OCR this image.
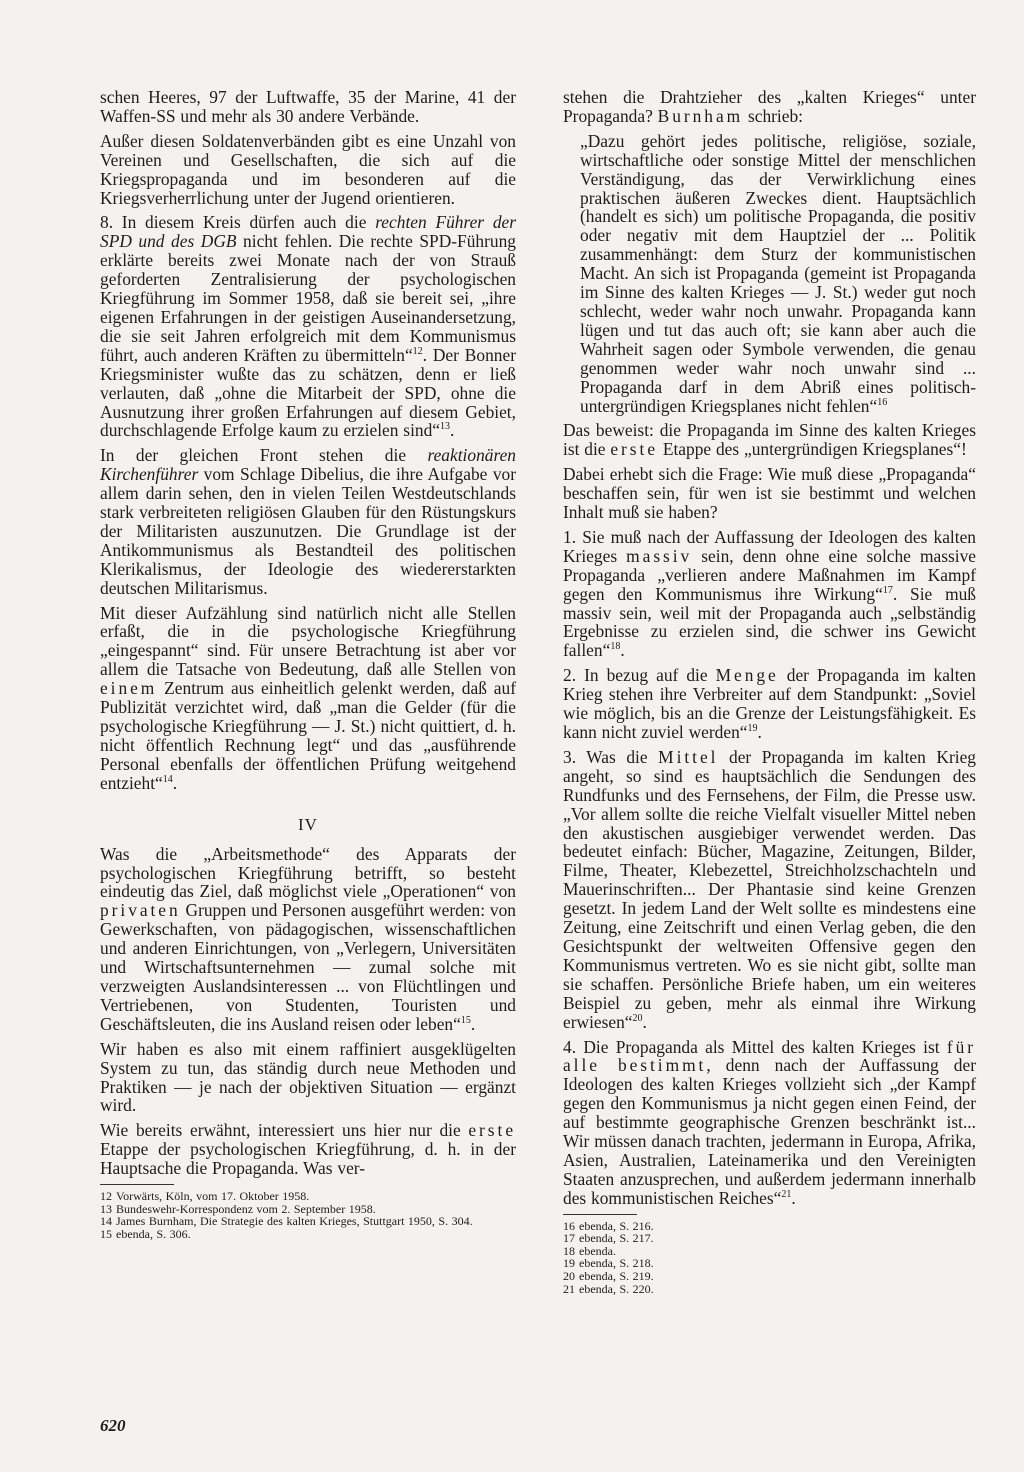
schen Heeres, 97 der Luftwaffe, 35 der Marine, 41 der Waffen-SS und mehr als 30 andere Verbände.

Außer diesen Soldatenverbänden gibt es eine Unzahl von Vereinen und Gesellschaften, die sich auf die Kriegspropaganda und im besonderen auf die Kriegsverherrlichung unter der Jugend orientieren.

8. In diesem Kreis dürfen auch die rechten Führer der SPD und des DGB nicht fehlen. Die rechte SPD-Führung erklärte bereits zwei Monate nach der von Strauß geforderten Zentralisierung der psychologischen Kriegführung im Sommer 1958, daß sie bereit sei, „ihre eigenen Erfahrungen in der geistigen Auseinandersetzung, die sie seit Jahren erfolgreich mit dem Kommunismus führt, auch anderen Kräften zu übermitteln“$^{12}$. Der Bonner Kriegsminister wußte das zu schätzen, denn er ließ verlauten, daß „ohne die Mitarbeit der SPD, ohne die Ausnutzung ihrer großen Erfahrungen auf diesem Gebiet, durchschlagende Erfolge kaum zu erzielen sind“$^{13}$.

In der gleichen Front stehen die reaktionären Kirchenführer vom Schlage Dibelius, die ihre Aufgabe vor allem darin sehen, den in vielen Teilen Westdeutschlands stark verbreiteten religiösen Glauben für den Rüstungskurs der Militaristen auszunutzen. Die Grundlage ist der Antikommunismus als Bestandteil des politischen Klerikalismus, der Ideologie des wiedererstarkten deutschen Militarismus.

Mit dieser Aufzählung sind natürlich nicht alle Stellen erfaßt, die in die psychologische Kriegführung „eingespannt“ sind. Für unsere Betrachtung ist aber vor allem die Tatsache von Bedeutung, daß alle Stellen von einem Zentrum aus einheitlich gelenkt werden, daß auf Publizität verzichtet wird, daß „man die Gelder (für die psychologische Kriegführung — J. St.) nicht quittiert, d. h. nicht öffentlich Rechnung legt“ und das „ausführende Personal ebenfalls der öffentlichen Prüfung weitgehend entzieht“$^{14}$.

IV

Was die „Arbeitsmethode“ des Apparats der psychologischen Kriegführung betrifft, so besteht eindeutig das Ziel, daß möglichst viele „Operationen“ von privaten Gruppen und Personen ausgeführt werden: von Gewerkschaften, von pädagogischen, wissenschaftlichen und anderen Einrichtungen, von „Verlegern, Universitäten und Wirtschaftsunternehmen — zumal solche mit verzweigten Auslandsinteressen ... von Flüchtlingen und Vertriebenen, von Studenten, Touristen und Geschäftsleuten, die ins Ausland reisen oder leben“$^{15}$.

Wir haben es also mit einem raffiniert ausgeklügelten System zu tun, das ständig durch neue Methoden und Praktiken — je nach der objektiven Situation — ergänzt wird.

Wie bereits erwähnt, interessiert uns hier nur die erste Etappe der psychologischen Kriegführung, d. h. in der Hauptsache die Propaganda. Was ver-

12 Vorwärts, Köln, vom 17. Oktober 1958.

13 Bundeswehr-Korrespondenz vom 2. September 1958.

14 James Burnham, Die Strategie des kalten Krieges, Stuttgart 1950, S. 304.

15 ebenda, S. 306.

stehen die Drahtzieher des „kalten Krieges“ unter Propaganda? Burnham schrieb:

„Dazu gehört jedes politische, religiöse, soziale, wirtschaftliche oder sonstige Mittel der menschlichen Verständigung, das der Verwirklichung eines praktischen äußeren Zweckes dient. Hauptsächlich (handelt es sich) um politische Propaganda, die positiv oder negativ mit dem Hauptziel der ... Politik zusammenhängt: dem Sturz der kommunistischen Macht. An sich ist Propaganda (gemeint ist Propaganda im Sinne des kalten Krieges — J. St.) weder gut noch schlecht, weder wahr noch unwahr. Propaganda kann lügen und tut das auch oft; sie kann aber auch die Wahrheit sagen oder Symbole verwenden, die genau genommen weder wahr noch unwahr sind ... Propaganda darf in dem Abriß eines politisch-untergründigen Kriegsplanes nicht fehlen“$^{16}$

Das beweist: die Propaganda im Sinne des kalten Krieges ist die erste Etappe des „untergründigen Kriegsplanes“!

Dabei erhebt sich die Frage: Wie muß diese „Propaganda“ beschaffen sein, für wen ist sie bestimmt und welchen Inhalt muß sie haben?

1. Sie muß nach der Auffassung der Ideologen des kalten Krieges massiv sein, denn ohne eine solche massive Propaganda „verlieren andere Maßnahmen im Kampf gegen den Kommunismus ihre Wirkung“$^{17}$. Sie muß massiv sein, weil mit der Propaganda auch „selbständig Ergebnisse zu erzielen sind, die schwer ins Gewicht fallen“$^{18}$.

2. In bezug auf die Menge der Propaganda im kalten Krieg stehen ihre Verbreiter auf dem Standpunkt: „Soviel wie möglich, bis an die Grenze der Leistungsfähigkeit. Es kann nicht zuviel werden“$^{19}$.

3. Was die Mittel der Propaganda im kalten Krieg angeht, so sind es hauptsächlich die Sendungen des Rundfunks und des Fernsehens, der Film, die Presse usw. „Vor allem sollte die reiche Vielfalt visueller Mittel neben den akustischen ausgiebiger verwendet werden. Das bedeutet einfach: Bücher, Magazine, Zeitungen, Bilder, Filme, Theater, Klebezettel, Streichholzschachteln und Mauerinschriften... Der Phantasie sind keine Grenzen gesetzt. In jedem Land der Welt sollte es mindestens eine Zeitung, eine Zeitschrift und einen Verlag geben, die den Gesichtspunkt der weltweiten Offensive gegen den Kommunismus vertreten. Wo es sie nicht gibt, sollte man sie schaffen. Persönliche Briefe haben, um ein weiteres Beispiel zu geben, mehr als einmal ihre Wirkung erwiesen“$^{20}$.

4. Die Propaganda als Mittel des kalten Krieges ist für alle bestimmt, denn nach der Auffassung der Ideologen des kalten Krieges vollzieht sich „der Kampf gegen den Kommunismus ja nicht gegen einen Feind, der auf bestimmte geographische Grenzen beschränkt ist... Wir müssen danach trachten, jedermann in Europa, Afrika, Asien, Australien, Lateinamerika und den Vereinigten Staaten anzusprechen, und außerdem jedermann innerhalb des kommunistischen Reiches“$^{21}$.

16 ebenda, S. 216.

17 ebenda, S. 217.

18 ebenda.

19 ebenda, S. 218.

20 ebenda, S. 219.

21 ebenda, S. 220.

620
